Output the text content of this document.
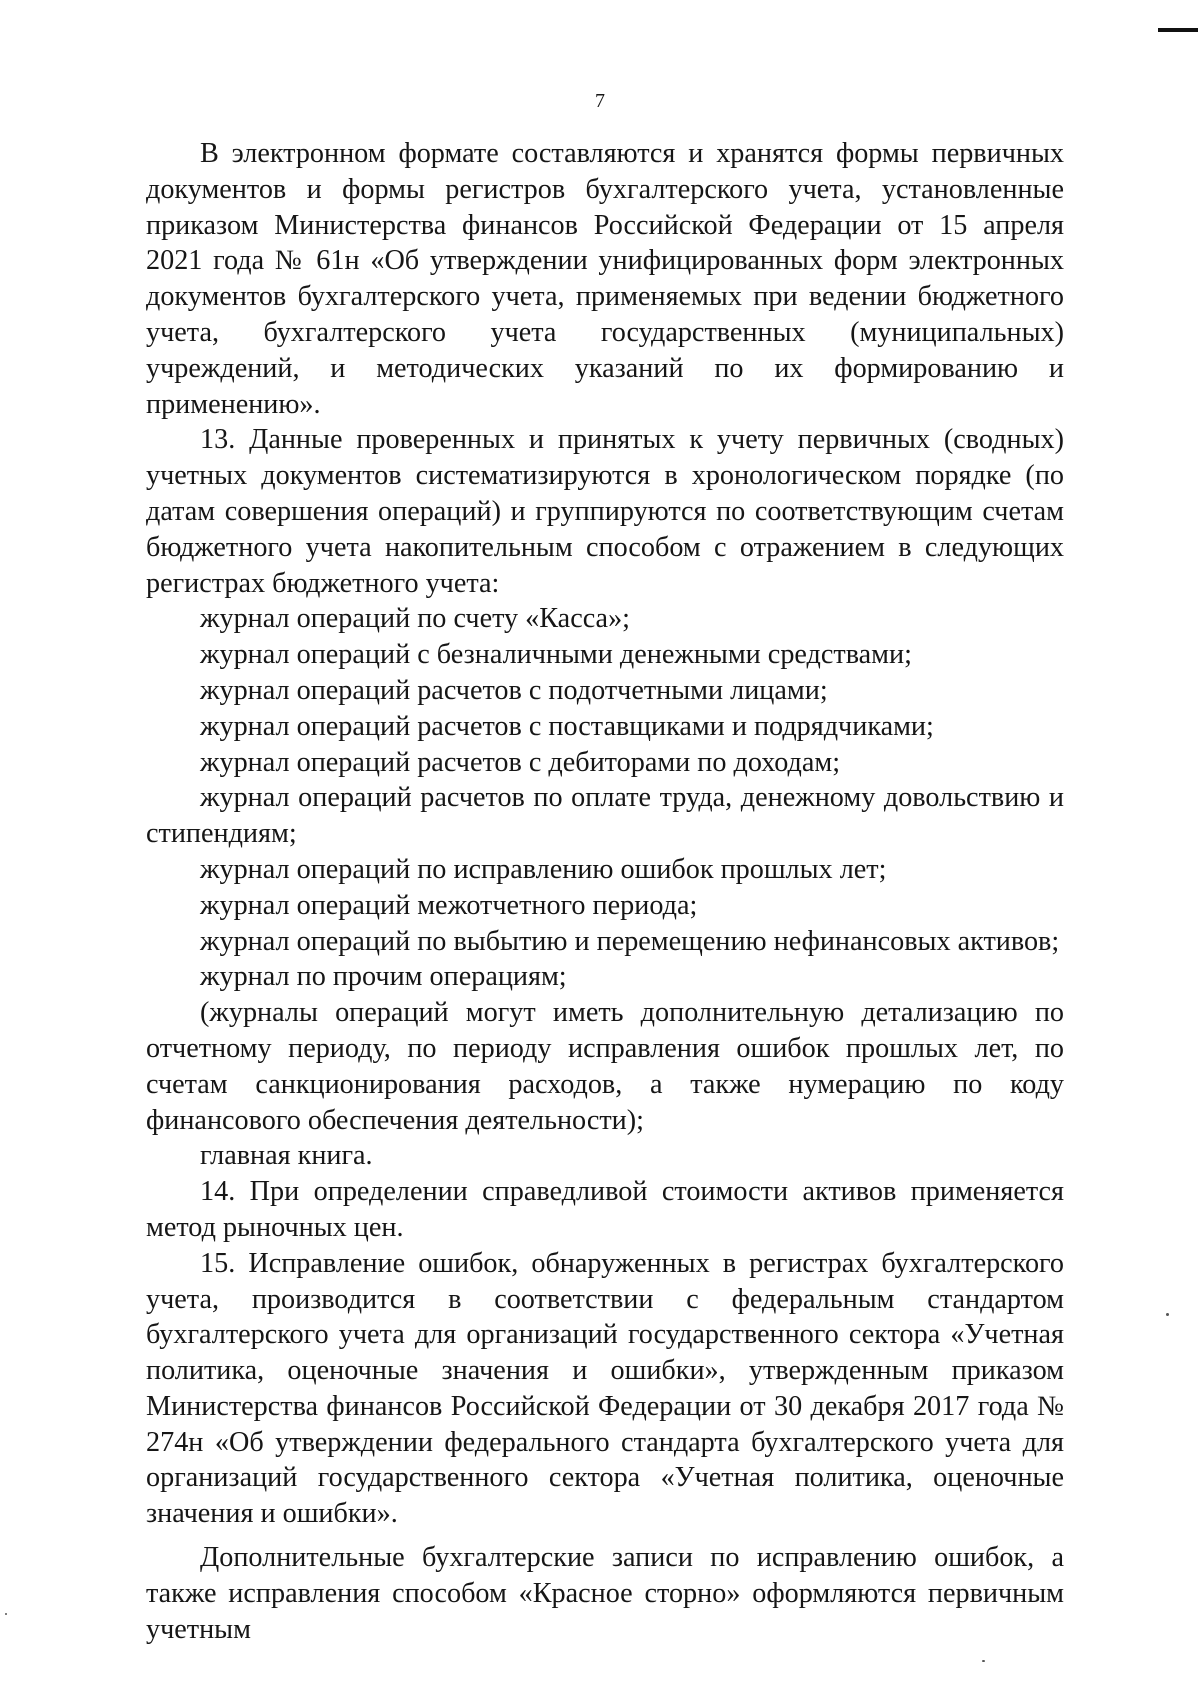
7

В электронном формате составляются и хранятся формы первичных документов и формы регистров бухгалтерского учета, установленные приказом Министерства финансов Российской Федерации от 15 апреля 2021 года № 61н «Об утверждении унифицированных форм электронных документов бухгалтерского учета, применяемых при ведении бюджетного учета, бухгалтерского учета государственных (муниципальных) учреждений, и методических указаний по их формированию и применению».

13. Данные проверенных и принятых к учету первичных (сводных) учетных документов систематизируются в хронологическом порядке (по датам совершения операций) и группируются по соответствующим счетам бюджетного учета накопительным способом с отражением в следующих регистрах бюджетного учета:

журнал операций по счету «Касса»;

журнал операций с безналичными денежными средствами;

журнал операций расчетов с подотчетными лицами;

журнал операций расчетов с поставщиками и подрядчиками;

журнал операций расчетов с дебиторами по доходам;

журнал операций расчетов по оплате труда, денежному довольствию и стипендиям;

журнал операций по исправлению ошибок прошлых лет;

журнал операций межотчетного периода;

журнал операций по выбытию и перемещению нефинансовых активов;

журнал по прочим операциям;

(журналы операций могут иметь дополнительную детализацию по отчетному периоду, по периоду исправления ошибок прошлых лет, по счетам санкционирования расходов, а также нумерацию по коду финансового обеспечения деятельности);

главная книга.

14. При определении справедливой стоимости активов применяется метод рыночных цен.

15. Исправление ошибок, обнаруженных в регистрах бухгалтерского учета, производится в соответствии с федеральным стандартом бухгалтерского учета для организаций государственного сектора «Учетная политика, оценочные значения и ошибки», утвержденным приказом Министерства финансов Российской Федерации от 30 декабря 2017 года № 274н «Об утверждении федерального стандарта бухгалтерского учета для организаций государственного сектора «Учетная политика, оценочные значения и ошибки».

Дополнительные бухгалтерские записи по исправлению ошибок, а также исправления способом «Красное сторно» оформляются первичным учетным
